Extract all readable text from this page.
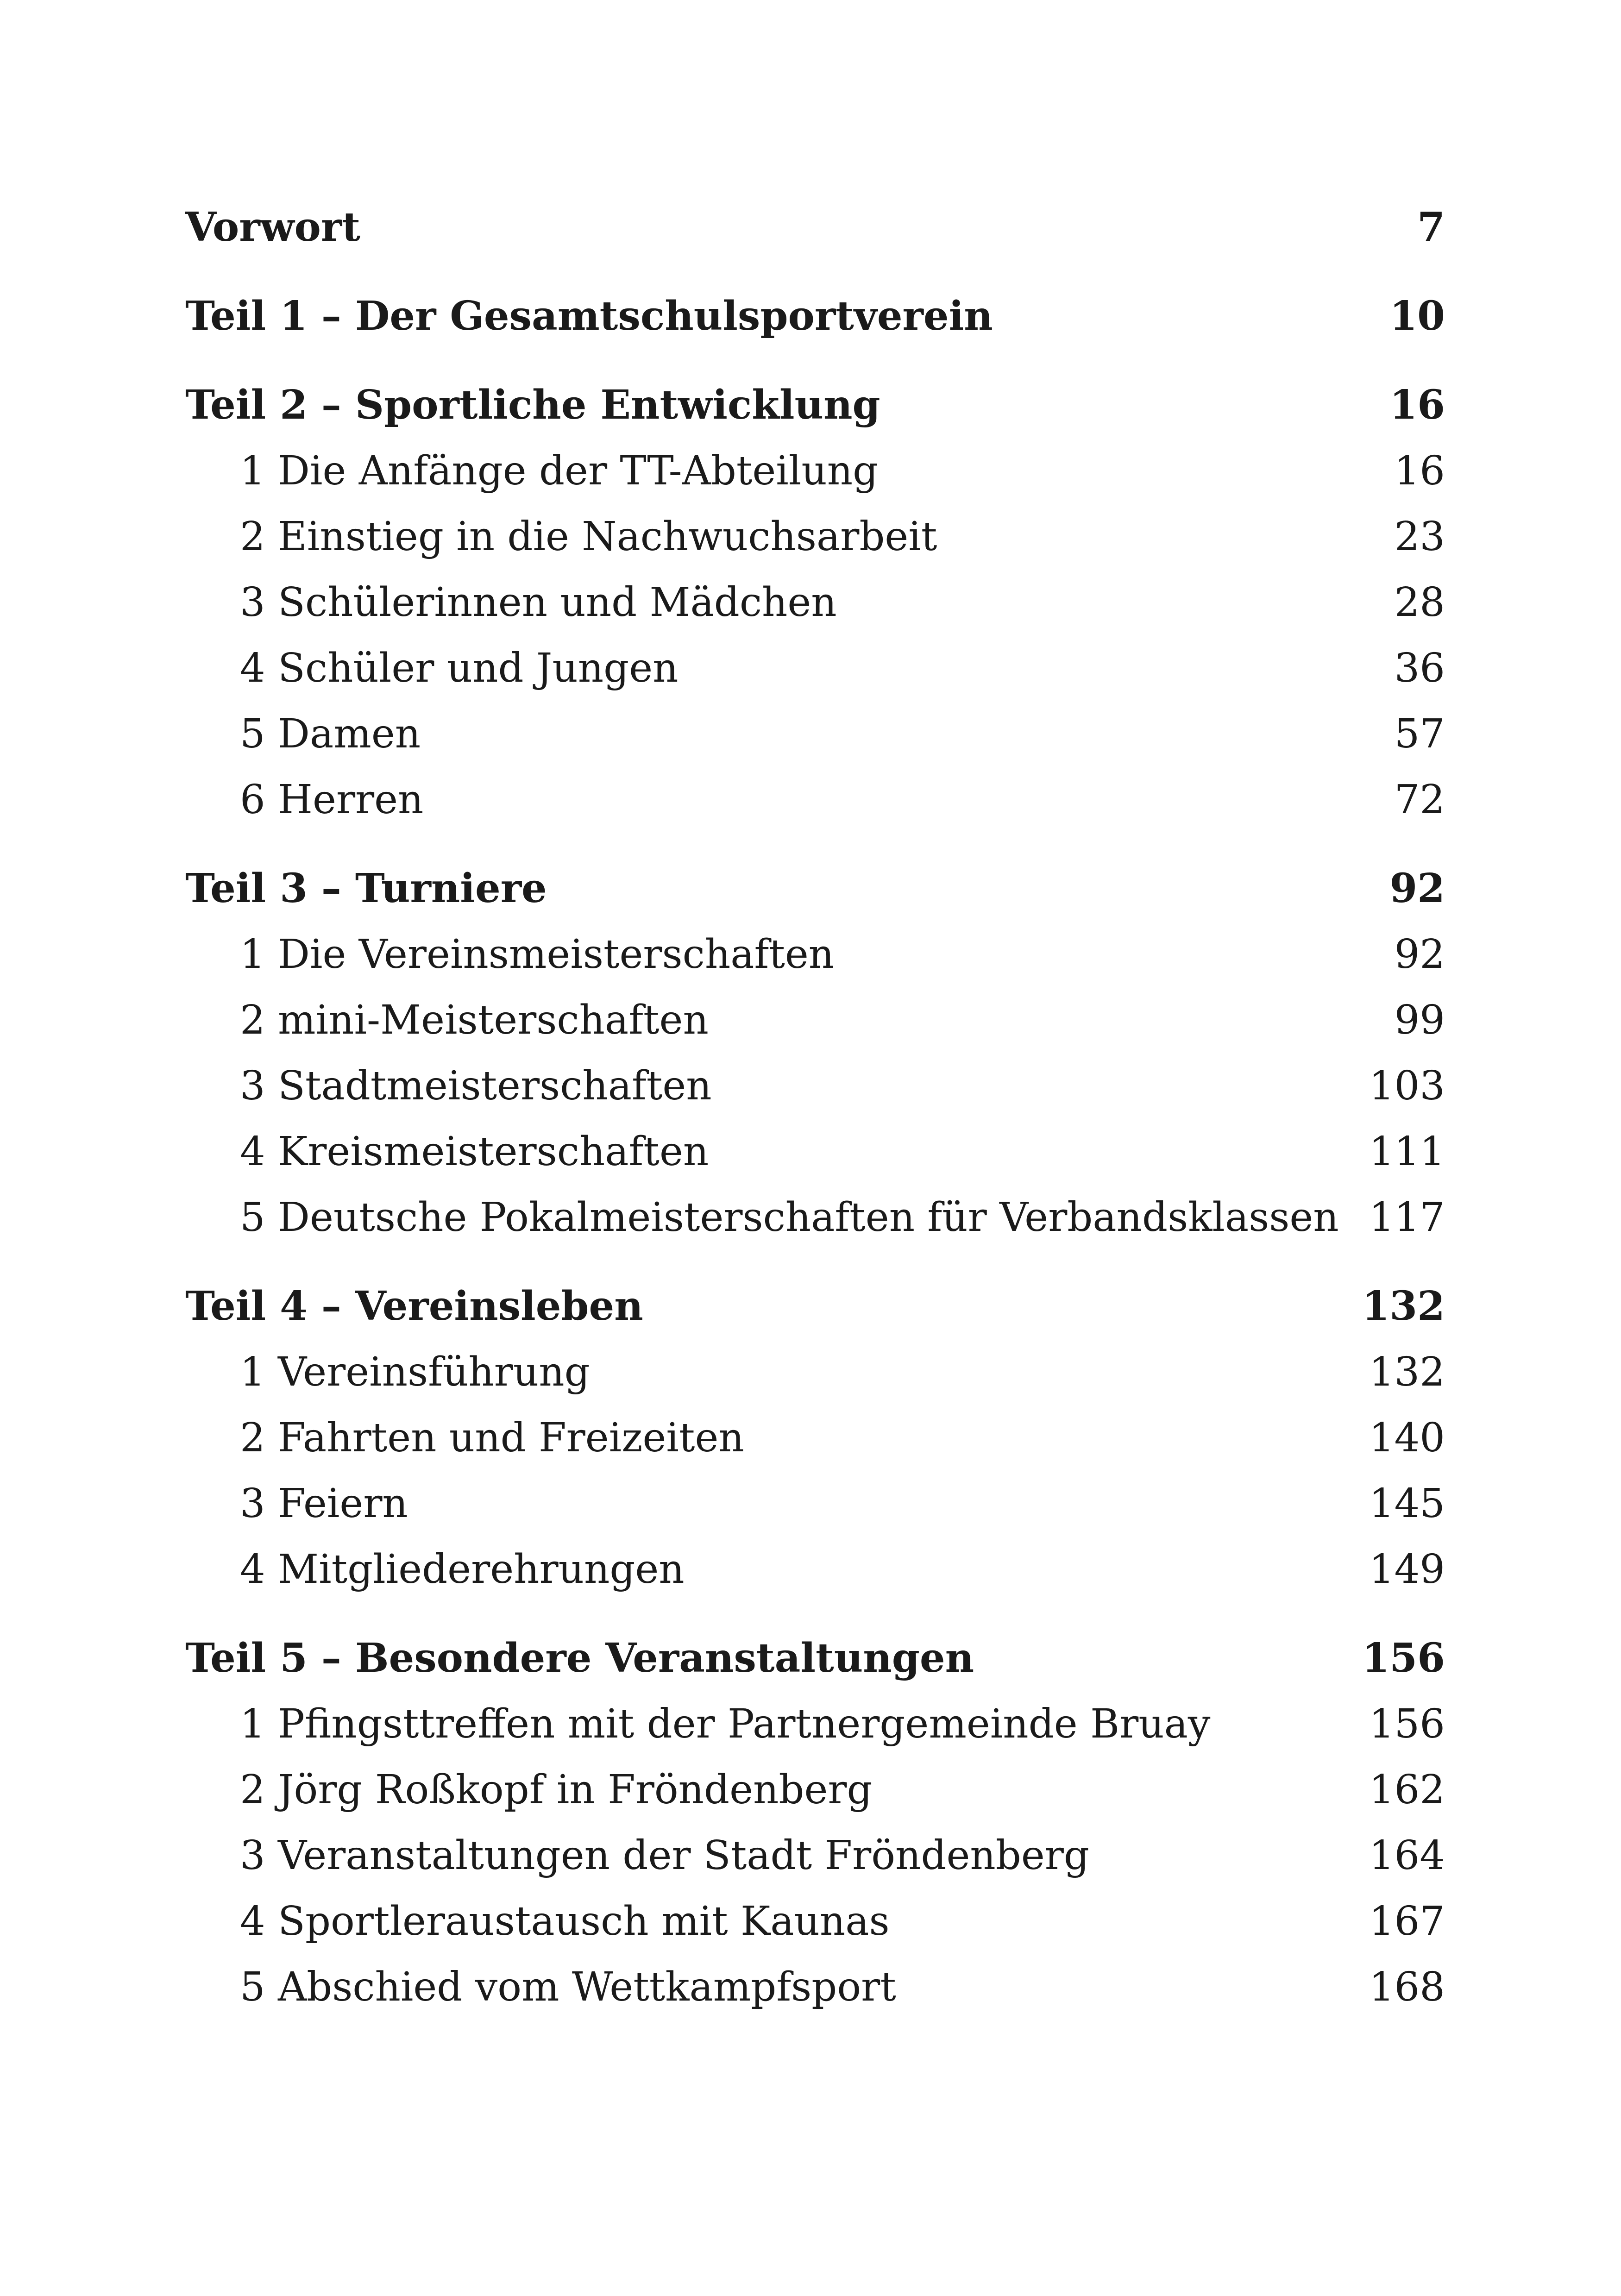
Vorwort	7
Teil 1 – Der Gesamtschulsportverein	10
Teil 2 – Sportliche Entwicklung	16
1 Die Anfänge der TT-Abteilung	16
2 Einstieg in die Nachwuchsarbeit	23
3 Schülerinnen und Mädchen	28
4 Schüler und Jungen	36
5 Damen	57
6 Herren	72
Teil 3 – Turniere	92
1 Die Vereinsmeisterschaften	92
2 mini-Meisterschaften	99
3 Stadtmeisterschaften	103
4 Kreismeisterschaften	111
5 Deutsche Pokalmeisterschaften für Verbandsklassen 117
Teil 4 – Vereinsleben	132
1 Vereinsführung	132
2 Fahrten und Freizeiten	140
3 Feiern	145
4 Mitgliederehrungen	149
Teil 5 – Besondere Veranstaltungen	156
1 Pfingsttreffen mit der Partnergemeinde Bruay	156
2 Jörg Roßkopf in Fröndenberg	162
3 Veranstaltungen der Stadt Fröndenberg	164
4 Sportleraustausch mit Kaunas	167
5 Abschied vom Wettkampfsport	168
